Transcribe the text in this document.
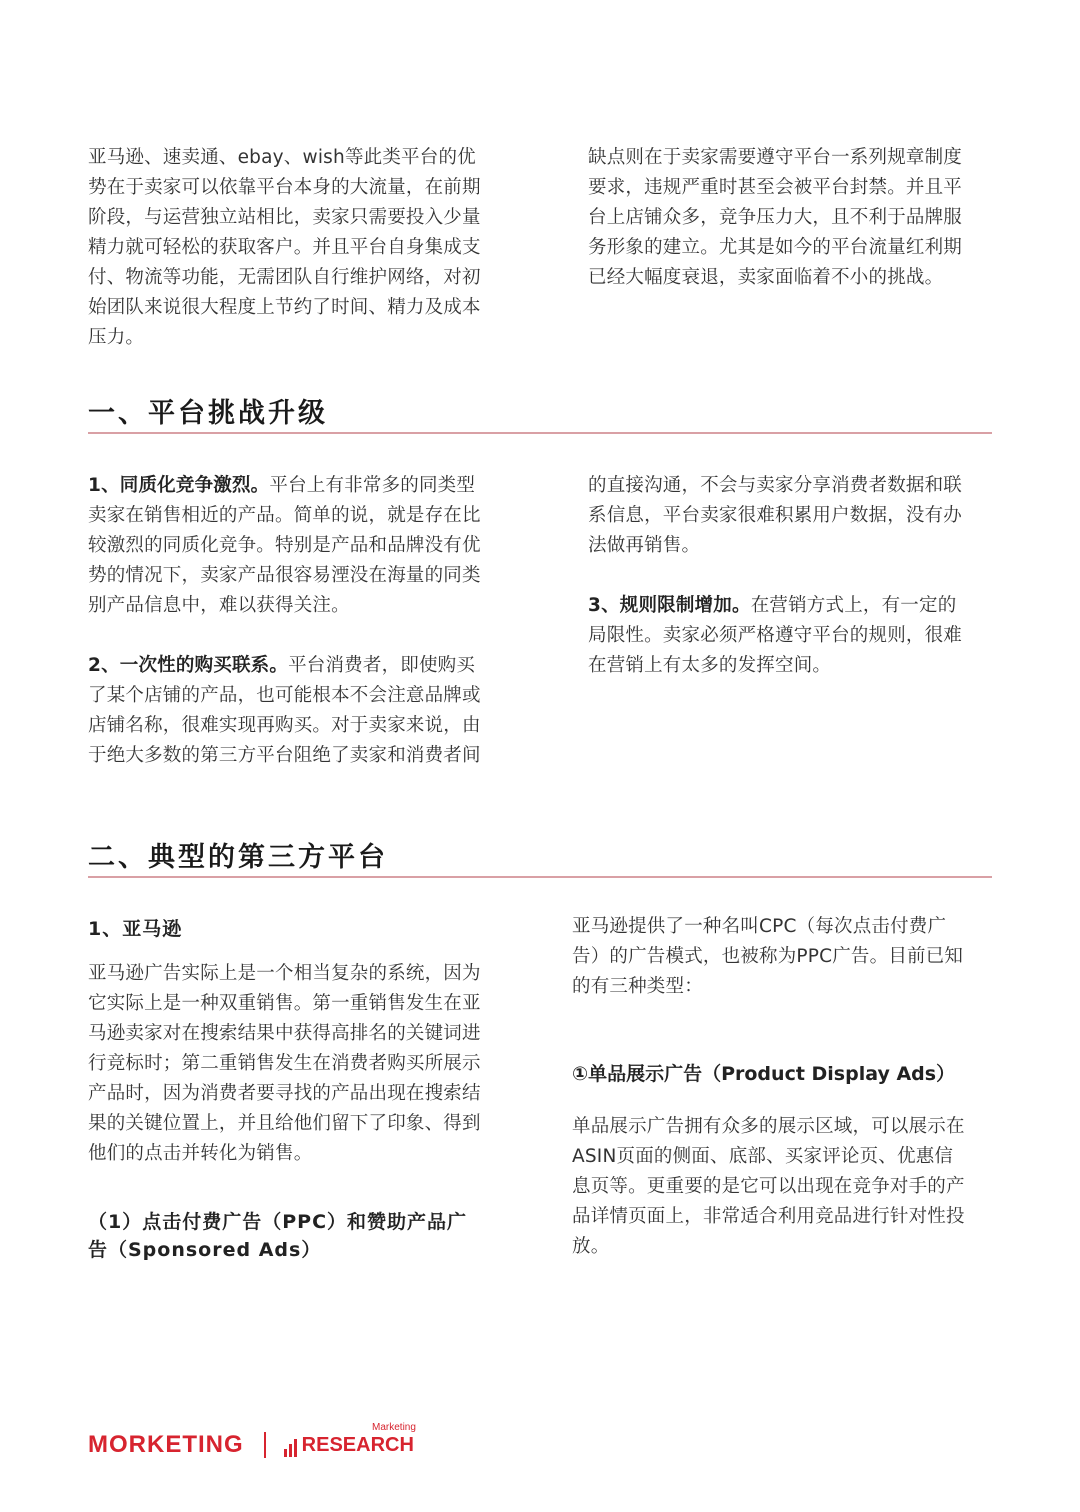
亚马逊、速卖通、ebay、wish等此类平台的优
势在于卖家可以依靠平台本身的大流量，在前期
阶段，与运营独立站相比，卖家只需要投入少量
精力就可轻松的获取客户。并且平台自身集成支
付、物流等功能，无需团队自行维护网络，对初
始团队来说很大程度上节约了时间、精力及成本
压力。

缺点则在于卖家需要遵守平台一系列规章制度
要求，违规严重时甚至会被平台封禁。并且平
台上店铺众多，竞争压力大，且不利于品牌服
务形象的建立。尤其是如今的平台流量红利期
已经大幅度衰退，卖家面临着不小的挑战。

一、平台挑战升级

1、同质化竞争激烈。平台上有非常多的同类型
卖家在销售相近的产品。简单的说，就是存在比
较激烈的同质化竞争。特别是产品和品牌没有优
势的情况下，卖家产品很容易湮没在海量的同类
别产品信息中，难以获得关注。

2、一次性的购买联系。平台消费者，即使购买
了某个店铺的产品，也可能根本不会注意品牌或
店铺名称，很难实现再购买。对于卖家来说，由
于绝大多数的第三方平台阻绝了卖家和消费者间

的直接沟通，不会与卖家分享消费者数据和联
系信息，平台卖家很难积累用户数据，没有办
法做再销售。

3、规则限制增加。在营销方式上，有一定的
局限性。卖家必须严格遵守平台的规则，很难
在营销上有太多的发挥空间。

二、典型的第三方平台

1、亚马逊

亚马逊广告实际上是一个相当复杂的系统，因为
它实际上是一种双重销售。第一重销售发生在亚
马逊卖家对在搜索结果中获得高排名的关键词进
行竞标时；第二重销售发生在消费者购买所展示
产品时，因为消费者要寻找的产品出现在搜索结
果的关键位置上，并且给他们留下了印象、得到
他们的点击并转化为销售。

（1）点击付费广告（PPC）和赞助产品广
告（Sponsored Ads）

亚马逊提供了一种名叫CPC（每次点击付费广
告）的广告模式，也被称为PPC广告。目前已知
的有三种类型：

①单品展示广告（Product Display Ads）

单品展示广告拥有众多的展示区域，可以展示在
ASIN页面的侧面、底部、买家评论页、优惠信
息页等。更重要的是它可以出现在竞争对手的产
品详情页面上，非常适合利用竞品进行针对性投
放。

MORKETING	RESEARCH
Marketing
